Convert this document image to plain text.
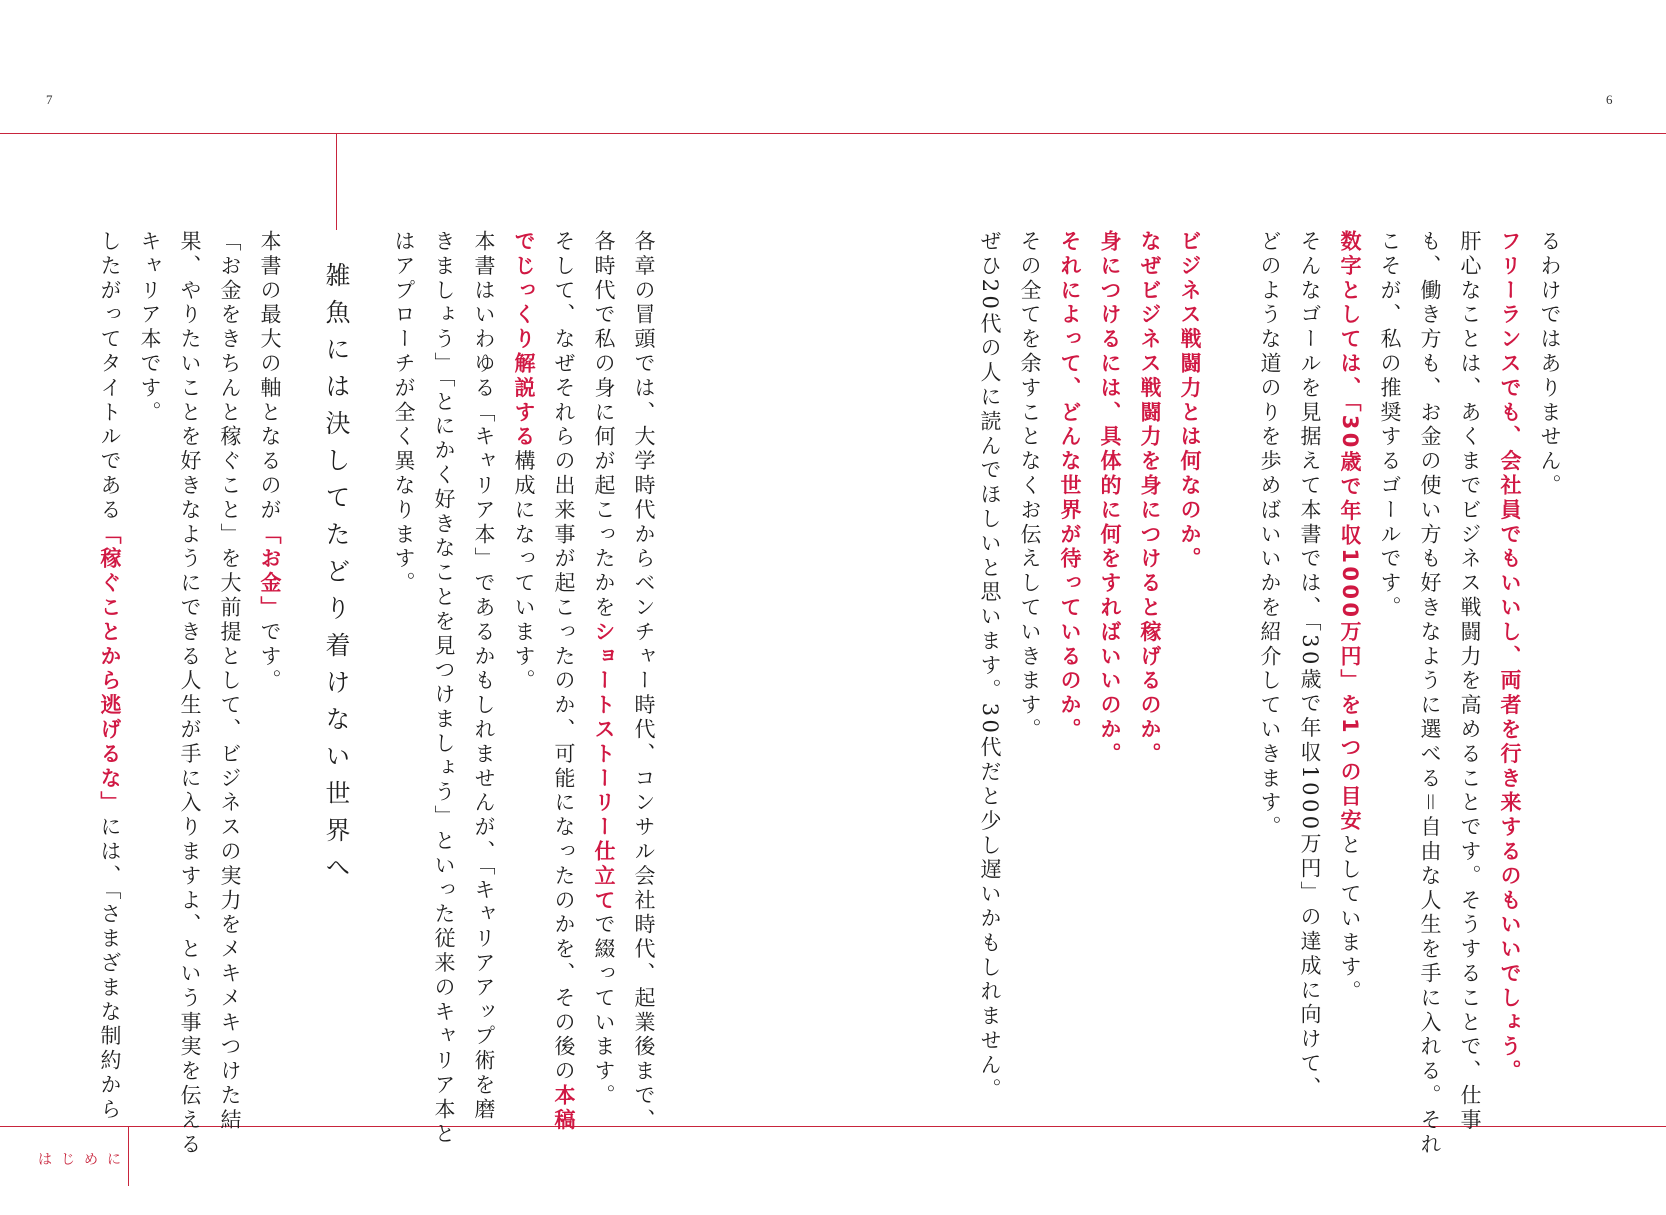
7	6
るわけではありません。
フリーランスでも、会社員でもいいし、両者を行き来するのもいいでしょう。
肝心なことは、あくまでビジネス戦闘力を高めることです。そうすることで、仕事
も、働き方も、お金の使い方も好きなように選べる＝自由な人生を手に入れる。それ
こそが、私の推奨するゴールです。
数字としては、「30歳で年収1000万円」を1つの目安としています。
そんなゴールを見据えて本書では、「30歳で年収1000万円」の達成に向けて、
どのような道のりを歩めばいいかを紹介していきます。

ビジネス戦闘力とは何なのか。
なぜビジネス戦闘力を身につけると稼げるのか。
身につけるには、具体的に何をすればいいのか。
それによって、どんな世界が待っているのか。
その全てを余すことなくお伝えしていきます。
ぜひ20代の人に読んでほしいと思います。30代だと少し遅いかもしれません。
各章の冒頭では、大学時代からベンチャー時代、コンサル会社時代、起業後まで、
各時代で私の身に何が起こったかをショートストーリー仕立てで綴っています。
そして、なぜそれらの出来事が起こったのか、可能になったのかを、その後の本稿
でじっくり解説する構成になっています。
本書はいわゆる「キャリア本」であるかもしれませんが、「キャリアアップ術を磨
きましょう」「とにかく好きなことを見つけましょう」といった従来のキャリア本と
はアプローチが全く異なります。
雑魚には決してたどり着けない世界へ
本書の最大の軸となるのが「お金」です。
「お金をきちんと稼ぐこと」を大前提として、ビジネスの実力をメキメキつけた結
果、やりたいことを好きなようにできる人生が手に入りますよ、という事実を伝える
キャリア本です。
したがってタイトルである「稼ぐことから逃げるな」には、「さまざまな制約から
はじめに
